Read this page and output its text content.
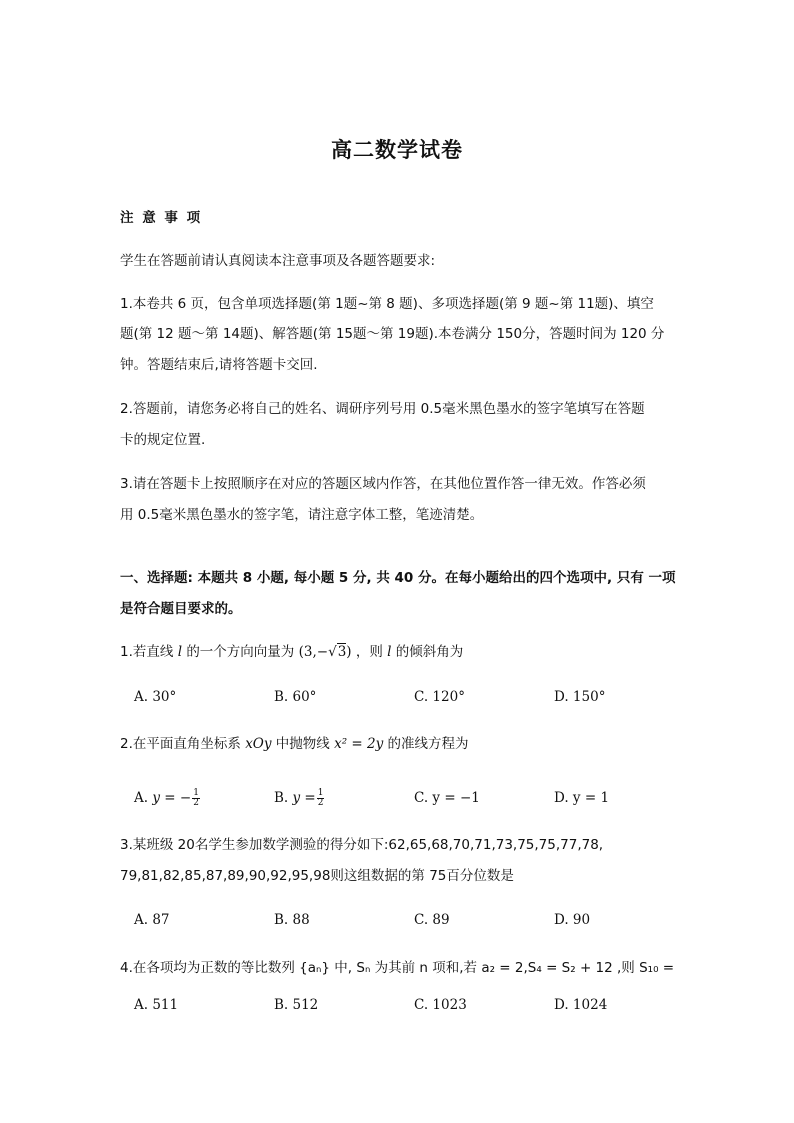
高二数学试卷
注 意 事 项
学生在答题前请认真阅读本注意事项及各题答题要求:
1.本卷共 6 页，包含单项选择题(第 1题~第 8 题)、多项选择题(第 9 题~第 11题)、填空
题(第 12 题～第 14题)、解答题(第 15题～第 19题).本卷满分 150分，答题时间为 120 分
钟。答题结束后,请将答题卡交回.
2.答题前，请您务必将自己的姓名、调研序列号用 0.5毫米黑色墨水的签字笔填写在答题
卡的规定位置.
3.请在答题卡上按照顺序在对应的答题区域内作答，在其他位置作答一律无效。作答必须
用 0.5毫米黑色墨水的签字笔，请注意字体工整，笔迹清楚。
一、选择题: 本题共 8 小题, 每小题 5 分, 共 40 分。在每小题给出的四个选项中, 只有 一项
是符合题目要求的。
1.若直线 l 的一个方向向量为 (3,−√3) ，则 l 的倾斜角为
A. 30°	B. 60°	C. 120°	D. 150°
2.在平面直角坐标系 xOy 中抛物线 x² = 2y 的准线方程为
A. y = − $\frac{1}{2}$	B. $y = \frac{1}{2}$	C. y = −1	D. y = 1
3.某班级 20名学生参加数学测验的得分如下:62,65,68,70,71,73,75,75,77,78,
79,81,82,85,87,89,90,92,95,98则这组数据的第 75百分位数是
A. 87	B. 88	C. 89	D. 90
4.在各项均为正数的等比数列 {aₙ} 中, Sₙ 为其前 n 项和,若 a₂ = 2,S₄ = S₂ + 12 ,则 S₁₀ =
A. 511	B. 512	C. 1023	D. 1024
